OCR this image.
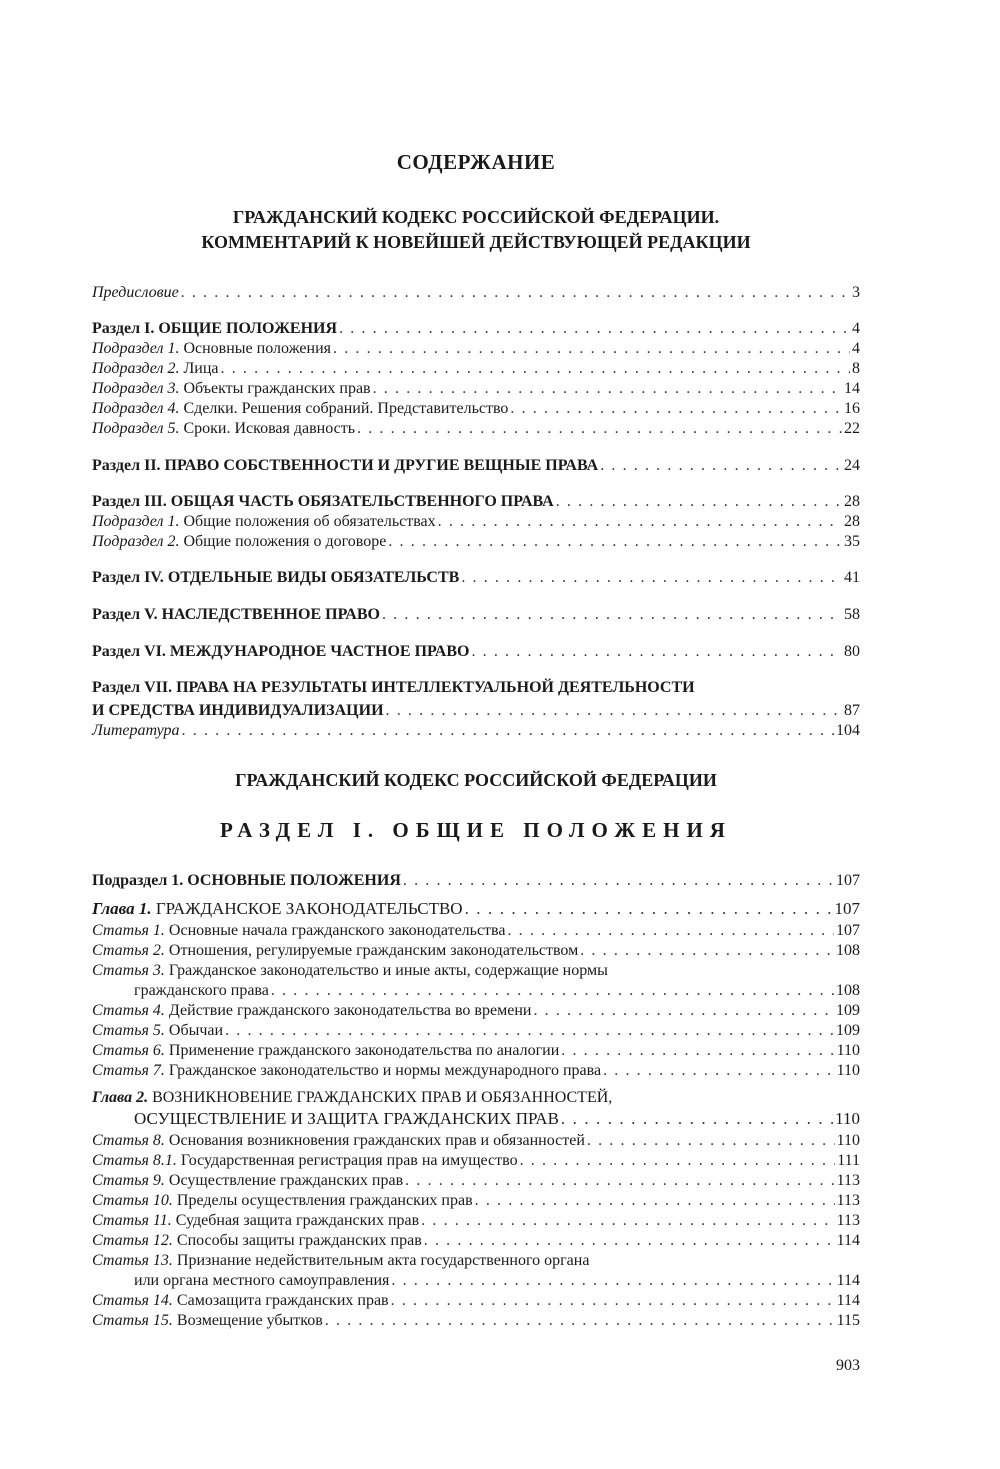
СОДЕРЖАНИЕ
ГРАЖДАНСКИЙ КОДЕКС РОССИЙСКОЙ ФЕДЕРАЦИИ.
КОММЕНТАРИЙ К НОВЕЙШЕЙ ДЕЙСТВУЮЩЕЙ РЕДАКЦИИ
Предисловие . . .	3
Раздел I. ОБЩИЕ ПОЛОЖЕНИЯ . . .	4
Подраздел 1. Основные положения . . .	4
Подраздел 2. Лица . . .	8
Подраздел 3. Объекты гражданских прав . . .	14
Подраздел 4. Сделки. Решения собраний. Представительство . . .	16
Подраздел 5. Сроки. Исковая давность . . .	22
Раздел II. ПРАВО СОБСТВЕННОСТИ И ДРУГИЕ ВЕЩНЫЕ ПРАВА . . .	24
Раздел III. ОБЩАЯ ЧАСТЬ ОБЯЗАТЕЛЬСТВЕННОГО ПРАВА . . .	28
Подраздел 1. Общие положения об обязательствах . . .	28
Подраздел 2. Общие положения о договоре . . .	35
Раздел IV. ОТДЕЛЬНЫЕ ВИДЫ ОБЯЗАТЕЛЬСТВ . . .	41
Раздел V. НАСЛЕДСТВЕННОЕ ПРАВО . . .	58
Раздел VI. МЕЖДУНАРОДНОЕ ЧАСТНОЕ ПРАВО . . .	80
Раздел VII. ПРАВА НА РЕЗУЛЬТАТЫ ИНТЕЛЛЕКТУАЛЬНОЙ ДЕЯТЕЛЬНОСТИ
И СРЕДСТВА ИНДИВИДУАЛИЗАЦИИ . . .	87
Литература . . .	104
ГРАЖДАНСКИЙ КОДЕКС РОССИЙСКОЙ ФЕДЕРАЦИИ
РАЗДЕЛ I. ОБЩИЕ ПОЛОЖЕНИЯ
Подраздел 1. ОСНОВНЫЕ ПОЛОЖЕНИЯ . . .	107
Глава 1. ГРАЖДАНСКОЕ ЗАКОНОДАТЕЛЬСТВО . . .	107
Статья 1. Основные начала гражданского законодательства . . .	107
Статья 2. Отношения, регулируемые гражданским законодательством . . .	108
Статья 3. Гражданское законодательство и иные акты, содержащие нормы
гражданского права . . .	108
Статья 4. Действие гражданского законодательства во времени . . .	109
Статья 5. Обычаи . . .	109
Статья 6. Применение гражданского законодательства по аналогии . . .	110
Статья 7. Гражданское законодательство и нормы международного права . . .	110
Глава 2. ВОЗНИКНОВЕНИЕ ГРАЖДАНСКИХ ПРАВ И ОБЯЗАННОСТЕЙ,
ОСУЩЕСТВЛЕНИЕ И ЗАЩИТА ГРАЖДАНСКИХ ПРАВ . . .	110
Статья 8. Основания возникновения гражданских прав и обязанностей . . .	110
Статья 8.1. Государственная регистрация прав на имущество . . .	111
Статья 9. Осуществление гражданских прав . . .	113
Статья 10. Пределы осуществления гражданских прав . . .	113
Статья 11. Судебная защита гражданских прав . . .	113
Статья 12. Способы защиты гражданских прав . . .	114
Статья 13. Признание недействительным акта государственного органа
или органа местного самоуправления . . .	114
Статья 14. Самозащита гражданских прав . . .	114
Статья 15. Возмещение убытков . . .	115
903
